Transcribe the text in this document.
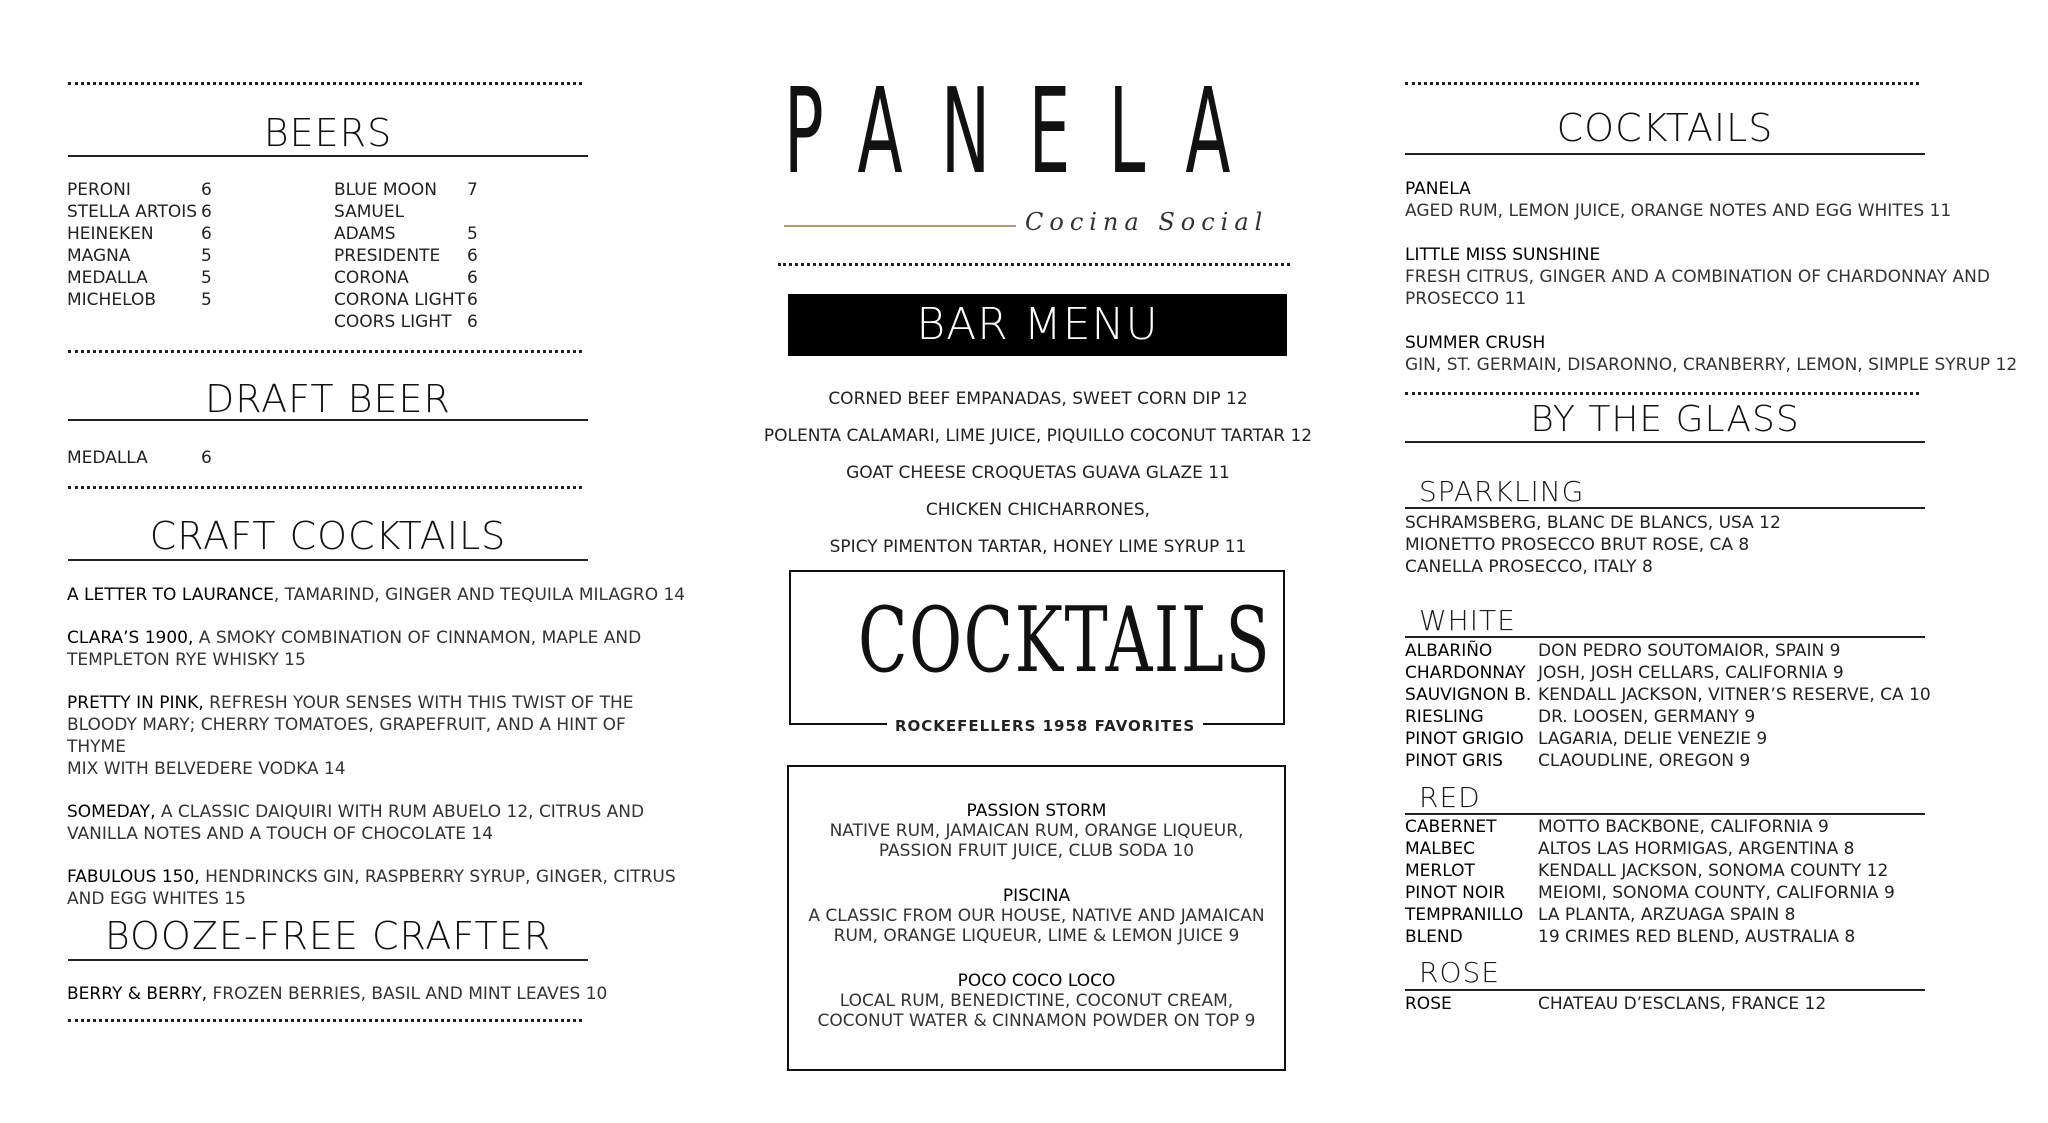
BEERS
PERONI	6
STELLA ARTOIS 6
HEINEKEN	6
MAGNA	5
MEDALLA	5
MICHELOB	5
BLUE MOON 7
SAMUEL ADAMS	5
PRESIDENTE 6
CORONA	6
CORONA LIGHT 6
COORS LIGHT 6
DRAFT BEER
MEDALLA	6
CRAFT COCKTAILS

A LETTER TO LAURANCE, TAMARIND, GINGER AND TEQUILA MILAGRO 14

CLARA’S 1900, A SMOKY COMBINATION OF CINNAMON, MAPLE AND
TEMPLETON RYE WHISKY 15

PRETTY IN PINK, REFRESH YOUR SENSES WITH THIS TWIST OF THE
BLOODY MARY; CHERRY TOMATOES, GRAPEFRUIT, AND A HINT OF THYME
MIX WITH BELVEDERE VODKA 14

SOMEDAY, A CLASSIC DAIQUIRI WITH RUM ABUELO 12, CITRUS AND
VANILLA NOTES AND A TOUCH OF CHOCOLATE 14

FABULOUS 150, HENDRINCKS GIN, RASPBERRY SYRUP, GINGER, CITRUS
AND EGG WHITES 15

BOOZE-FREE CRAFTER
BERRY & BERRY, FROZEN BERRIES, BASIL AND MINT LEAVES 10
PANELA
Cocina Social
BAR MENU
CORNED BEEF EMPANADAS, SWEET CORN DIP 12
POLENTA CALAMARI, LIME JUICE, PIQUILLO COCONUT TARTAR 12
GOAT CHEESE CROQUETAS GUAVA GLAZE 11
CHICKEN CHICHARRONES,
SPICY PIMENTON TARTAR, HONEY LIME SYRUP 11
COCKTAILS
ROCKEFELLERS 1958 FAVORITES
PASSION STORM
NATIVE RUM, JAMAICAN RUM, ORANGE LIQUEUR,
PASSION FRUIT JUICE, CLUB SODA 10
PISCINA
A CLASSIC FROM OUR HOUSE, NATIVE AND JAMAICAN
RUM, ORANGE LIQUEUR, LIME & LEMON JUICE 9
POCO COCO LOCO
LOCAL RUM, BENEDICTINE, COCONUT CREAM,
COCONUT WATER & CINNAMON POWDER ON TOP 9
COCKTAILS
PANELA
AGED RUM, LEMON JUICE, ORANGE NOTES AND EGG WHITES 11
LITTLE MISS SUNSHINE
FRESH CITRUS, GINGER AND A COMBINATION OF CHARDONNAY AND
PROSECCO 11
SUMMER CRUSH
GIN, ST. GERMAIN, DISARONNO, CRANBERRY, LEMON, SIMPLE SYRUP 12
BY THE GLASS
SPARKLING
SCHRAMSBERG, BLANC DE BLANCS, USA 12
MIONETTO PROSECCO BRUT ROSE, CA 8
CANELLA PROSECCO, ITALY 8
WHITE
ALBARIÑO	DON PEDRO SOUTOMAIOR, SPAIN 9
CHARDONNAY JOSH, JOSH CELLARS, CALIFORNIA 9
SAUVIGNON B. KENDALL JACKSON, VITNER’S RESERVE, CA 10
RIESLING	DR. LOOSEN, GERMANY 9
PINOT GRIGIO LAGARIA, DELIE VENEZIE 9
PINOT GRIS	CLAOUDLINE, OREGON 9
RED
CABERNET	MOTTO BACKBONE, CALIFORNIA 9
MALBEC	ALTOS LAS HORMIGAS, ARGENTINA 8
MERLOT	KENDALL JACKSON, SONOMA COUNTY 12
PINOT NOIR	MEIOMI, SONOMA COUNTY, CALIFORNIA 9
TEMPRANILLO LA PLANTA, ARZUAGA SPAIN 8
BLEND	19 CRIMES RED BLEND, AUSTRALIA 8
ROSE
ROSE	CHATEAU D’ESCLANS, FRANCE 12
